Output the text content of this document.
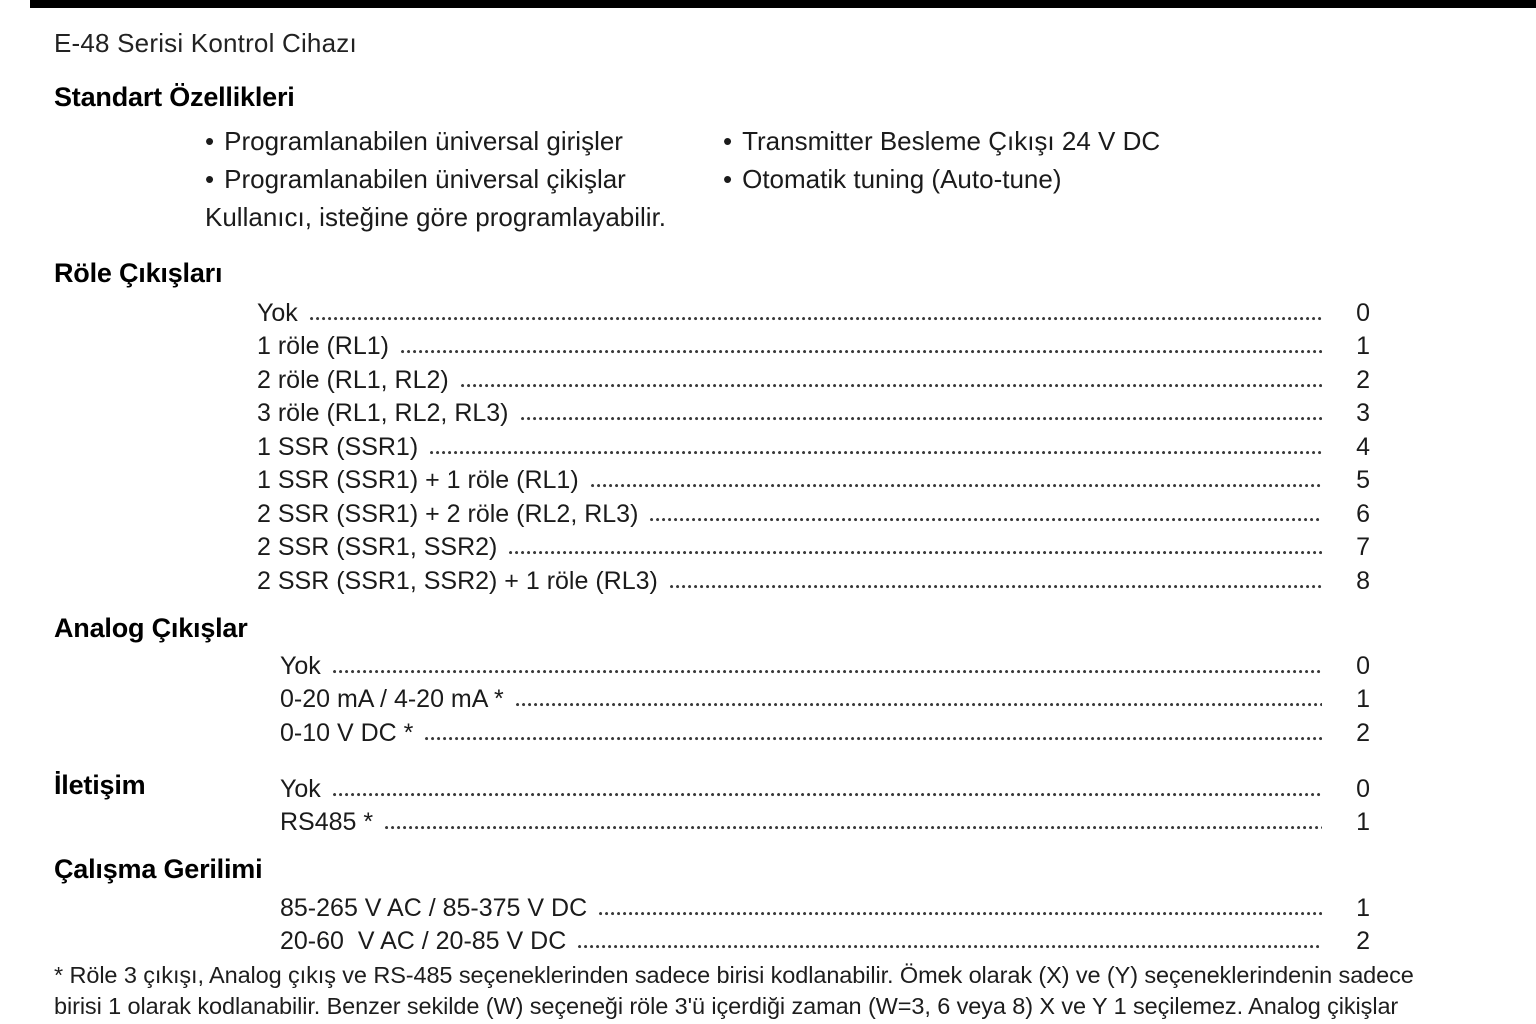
E-48 Serisi Kontrol Cihazı
Standart Özellikleri
• Programlanabilen üniversal girişler	• Transmitter Besleme Çıkışı 24 V DC
• Programlanabilen üniversal çikişlar	• Otomatik tuning (Auto-tune)
Kullanıcı, isteğine göre programlayabilir.
Röle Çıkışları
Yok	0
1 röle (RL1)	1
2 röle (RL1, RL2)	2
3 röle (RL1, RL2, RL3)	3
1 SSR (SSR1)	4
1 SSR (SSR1) + 1 röle (RL1)	5
2 SSR (SSR1) + 2 röle (RL2, RL3)	6
2 SSR (SSR1, SSR2)	7
2 SSR (SSR1, SSR2) + 1 röle (RL3)	8
Analog Çıkışlar
Yok	0
0-20 mA / 4-20 mA *	1
0-10 V DC *	2
İletişim	Yok	0
RS485 *	1
Çalışma Gerilimi
85-265 V AC / 85-375 V DC	1
20-60  V AC / 20-85 V DC	2
* Röle 3 çıkışı, Analog çıkış ve RS-485 seçeneklerinden sadece birisi kodlanabilir. Ömek olarak (X) ve (Y) seçeneklerindenin sadece
birisi 1 olarak kodlanabilir. Benzer sekilde (W) seçeneği röle 3'ü içerdiği zaman (W=3, 6 veya 8) X ve Y 1 seçilemez. Analog çikişlar
